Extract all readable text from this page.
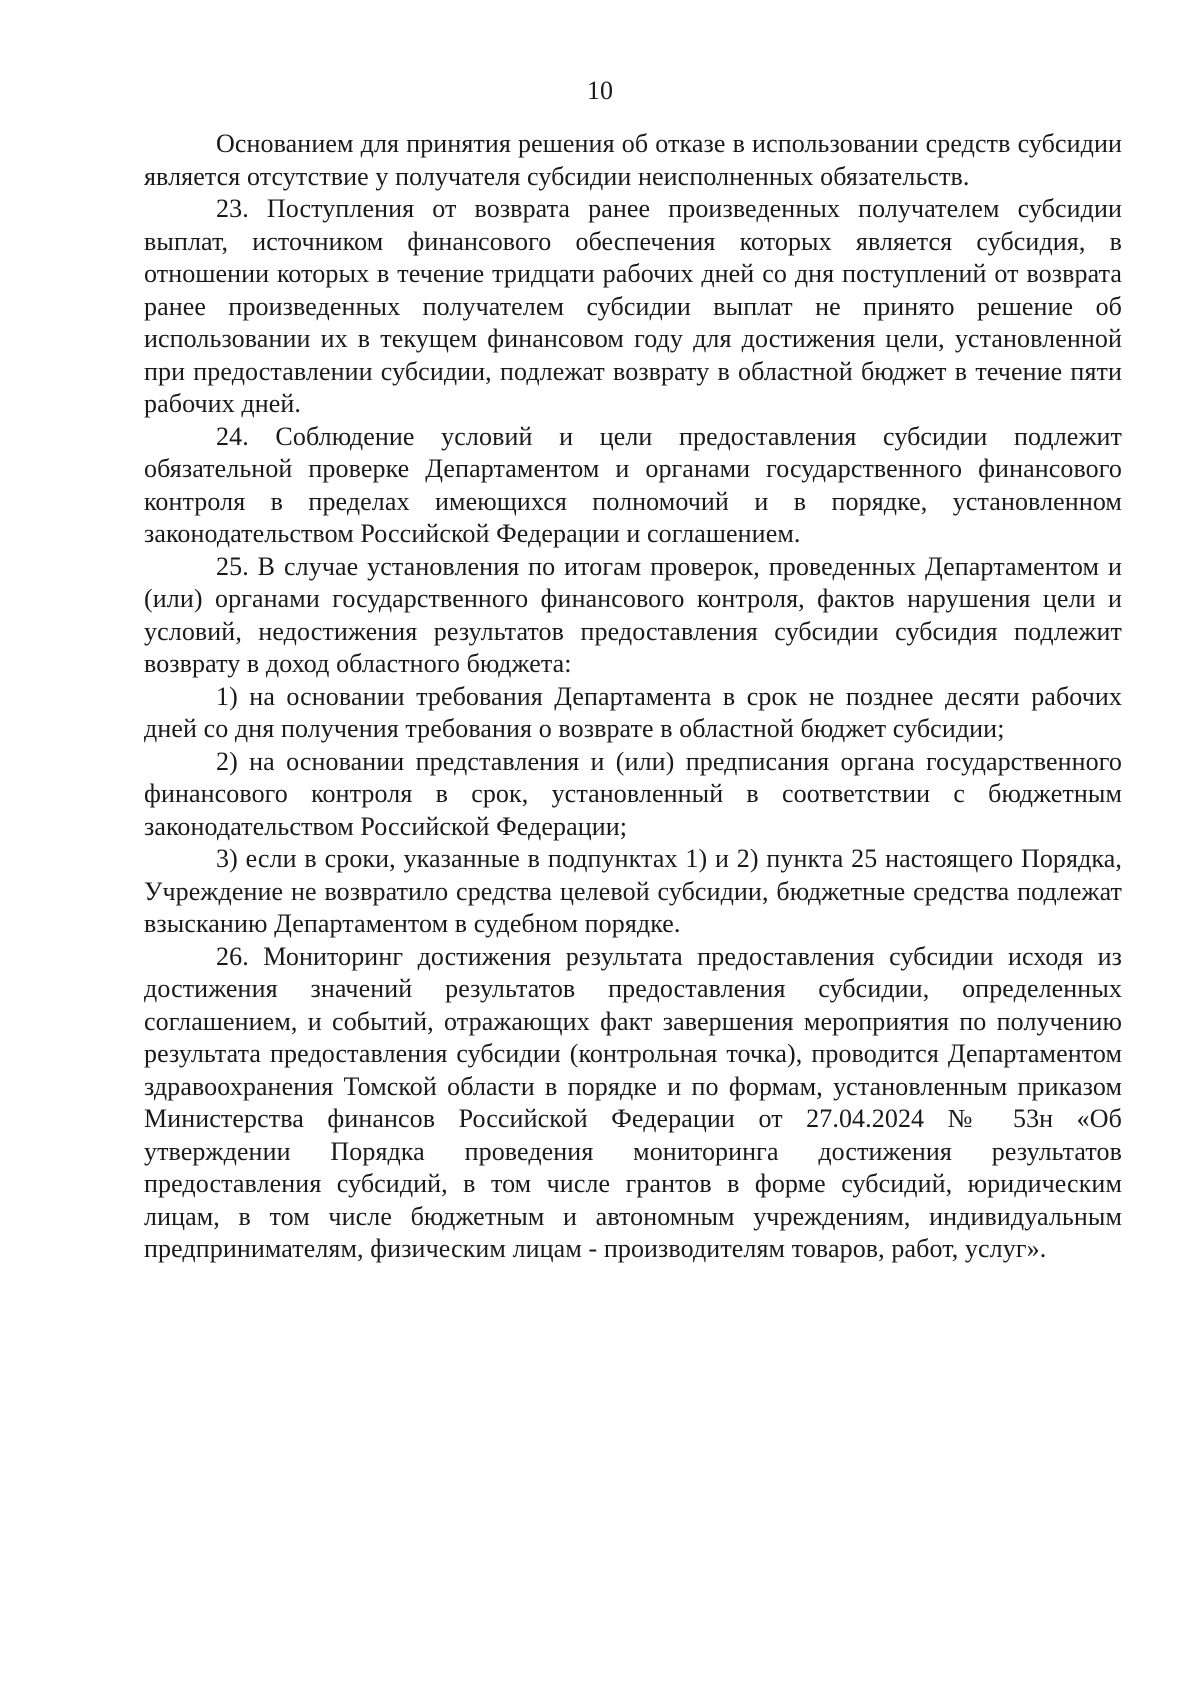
10

Основанием для принятия решения об отказе в использовании средств субсидии является отсутствие у получателя субсидии неисполненных обязательств.

23. Поступления от возврата ранее произведенных получателем субсидии выплат, источником финансового обеспечения которых является субсидия, в отношении которых в течение тридцати рабочих дней со дня поступлений от возврата ранее произведенных получателем субсидии выплат не принято решение об использовании их в текущем финансовом году для достижения цели, установленной при предоставлении субсидии, подлежат возврату в областной бюджет в течение пяти рабочих дней.

24. Соблюдение условий и цели предоставления субсидии подлежит обязательной проверке Департаментом и органами государственного финансового контроля в пределах имеющихся полномочий и в порядке, установленном законодательством Российской Федерации и соглашением.

25. В случае установления по итогам проверок, проведенных Департаментом и (или) органами государственного финансового контроля, фактов нарушения цели и условий, недостижения результатов предоставления субсидии субсидия подлежит возврату в доход областного бюджета:

1) на основании требования Департамента в срок не позднее десяти рабочих дней со дня получения требования о возврате в областной бюджет субсидии;

2) на основании представления и (или) предписания органа государственного финансового контроля в срок, установленный в соответствии с бюджетным законодательством Российской Федерации;

3) если в сроки, указанные в подпунктах 1) и 2) пункта 25 настоящего Порядка, Учреждение не возвратило средства целевой субсидии, бюджетные средства подлежат взысканию Департаментом в судебном порядке.

26. Мониторинг достижения результата предоставления субсидии исходя из достижения значений результатов предоставления субсидии, определенных соглашением, и событий, отражающих факт завершения мероприятия по получению результата предоставления субсидии (контрольная точка), проводится Департаментом здравоохранения Томской области в порядке и по формам, установленным приказом Министерства финансов Российской Федерации от 27.04.2024 № 53н «Об утверждении Порядка проведения мониторинга достижения результатов предоставления субсидий, в том числе грантов в форме субсидий, юридическим лицам, в том числе бюджетным и автономным учреждениям, индивидуальным предпринимателям, физическим лицам - производителям товаров, работ, услуг».
